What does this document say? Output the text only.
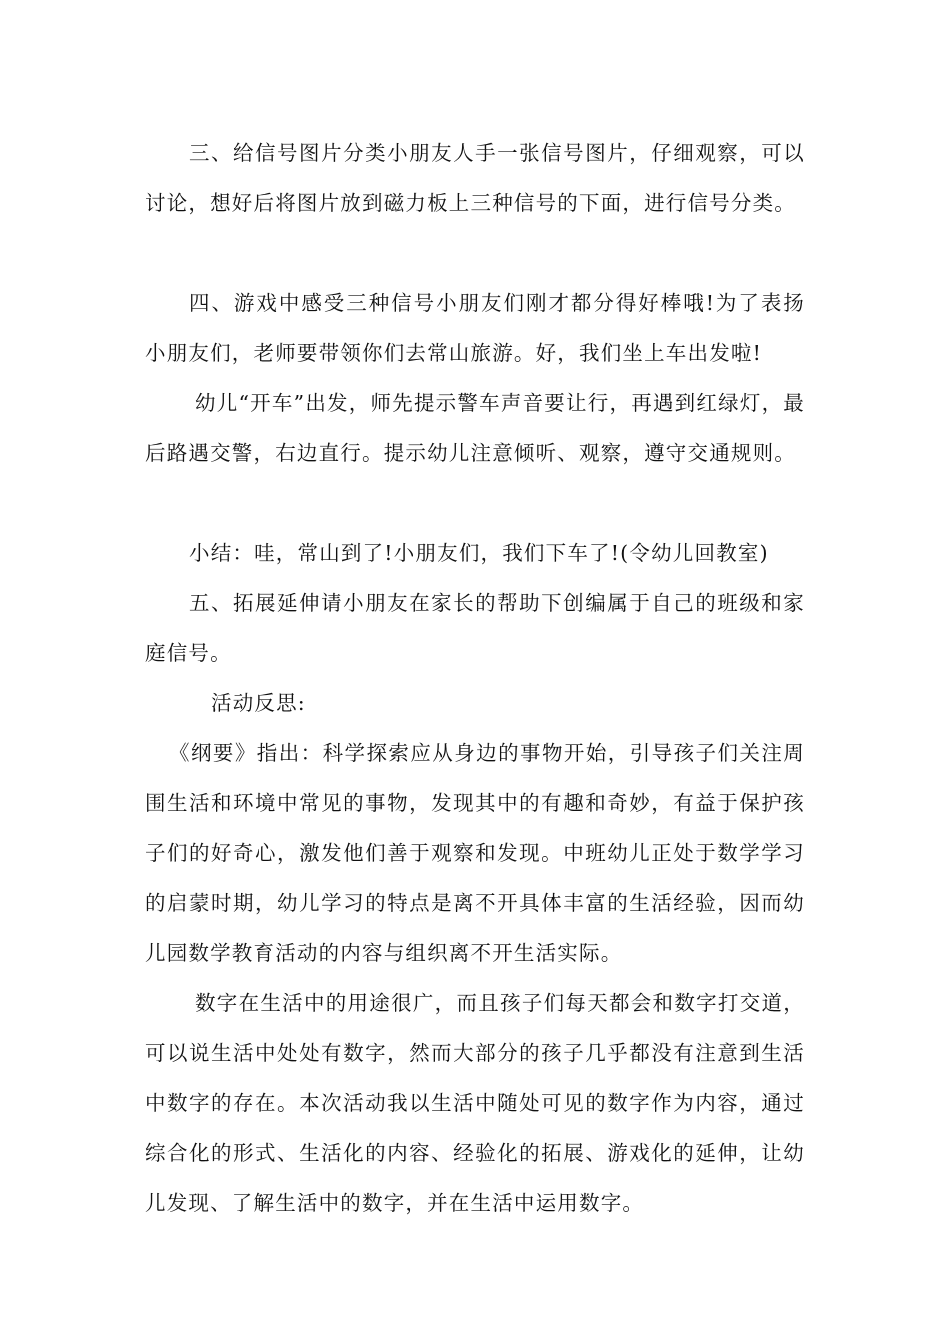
三、给信号图片分类小朋友人手一张信号图片，仔细观察，可以讨论，想好后将图片放到磁力板上三种信号的下面，进行信号分类。

四、游戏中感受三种信号小朋友们刚才都分得好棒哦!为了表扬小朋友们，老师要带领你们去常山旅游。好，我们坐上车出发啦!

幼儿“开车”出发，师先提示警车声音要让行，再遇到红绿灯，最后路遇交警，右边直行。提示幼儿注意倾听、观察，遵守交通规则。

小结：哇，常山到了!小朋友们，我们下车了!(令幼儿回教室)

五、拓展延伸请小朋友在家长的帮助下创编属于自己的班级和家庭信号。

活动反思:

《纲要》指出：科学探索应从身边的事物开始，引导孩子们关注周围生活和环境中常见的事物，发现其中的有趣和奇妙，有益于保护孩子们的好奇心，激发他们善于观察和发现。中班幼儿正处于数学学习的启蒙时期，幼儿学习的特点是离不开具体丰富的生活经验，因而幼儿园数学教育活动的内容与组织离不开生活实际。

数字在生活中的用途很广，而且孩子们每天都会和数字打交道，可以说生活中处处有数字，然而大部分的孩子几乎都没有注意到生活中数字的存在。本次活动我以生活中随处可见的数字作为内容，通过综合化的形式、生活化的内容、经验化的拓展、游戏化的延伸，让幼儿发现、了解生活中的数字，并在生活中运用数字。
